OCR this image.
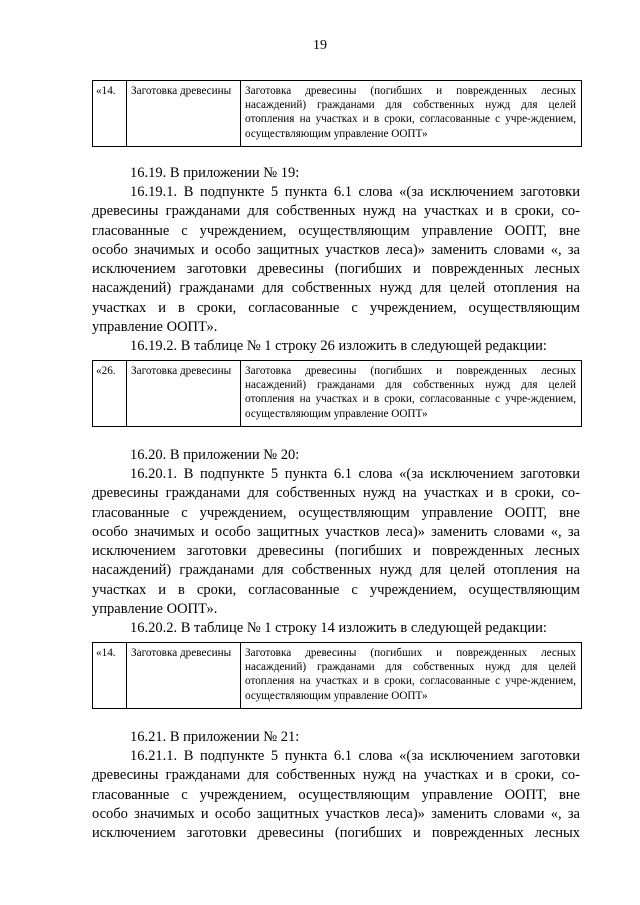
19
«14.	Заготовка древесины	Заготовка древесины (погибших и поврежденных лесных насаждений) гражданами для собственных нужд для целей отопления на участках и в сроки, согласованные с учре-ждением, осуществляющим управление ООПТ»

16.19. В приложении № 19:

16.19.1. В подпункте 5 пункта 6.1 слова «(за исключением заготовки
древесины гражданами для собственных нужд на участках и в сроки, со-
гласованные с учреждением, осуществляющим управление ООПТ, вне
особо значимых и особо защитных участков леса)» заменить словами «, за
исключением заготовки древесины (погибших и поврежденных лесных
насаждений) гражданами для собственных нужд для целей отопления на
участках и в сроки, согласованные с учреждением, осуществляющим
управление ООПТ».

16.19.2. В таблице № 1 строку 26 изложить в следующей редакции:

«26.	Заготовка древесины	Заготовка древесины (погибших и поврежденных лесных насаждений) гражданами для собственных нужд для целей отопления на участках и в сроки, согласованные с учре-ждением, осуществляющим управление ООПТ»

16.20. В приложении № 20:

16.20.1. В подпункте 5 пункта 6.1 слова «(за исключением заготовки
древесины гражданами для собственных нужд на участках и в сроки, со-
гласованные с учреждением, осуществляющим управление ООПТ, вне
особо значимых и особо защитных участков леса)» заменить словами «, за
исключением заготовки древесины (погибших и поврежденных лесных
насаждений) гражданами для собственных нужд для целей отопления на
участках и в сроки, согласованные с учреждением, осуществляющим
управление ООПТ».

16.20.2. В таблице № 1 строку 14 изложить в следующей редакции:

«14.	Заготовка древесины	Заготовка древесины (погибших и поврежденных лесных насаждений) гражданами для собственных нужд для целей отопления на участках и в сроки, согласованные с учре-ждением, осуществляющим управление ООПТ»

16.21. В приложении № 21:

16.21.1. В подпункте 5 пункта 6.1 слова «(за исключением заготовки
древесины гражданами для собственных нужд на участках и в сроки, со-
гласованные с учреждением, осуществляющим управление ООПТ, вне
особо значимых и особо защитных участков леса)» заменить словами «, за
исключением заготовки древесины (погибших и поврежденных лесных
